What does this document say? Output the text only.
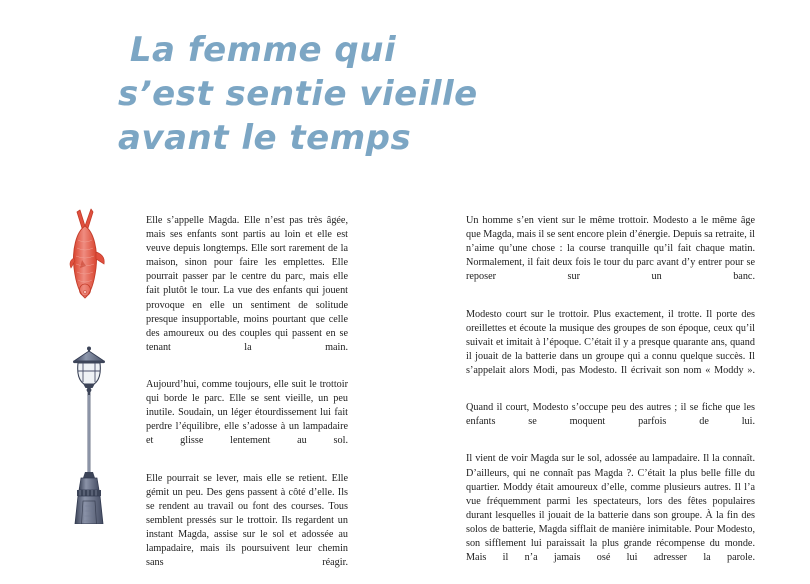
La femme qui
s’est sentie vieille
avant le temps

Elle s’appelle Magda. Elle n’est pas très âgée, mais ses enfants sont partis au loin et elle est veuve depuis longtemps. Elle sort rarement de la maison, sinon pour faire les emplettes. Elle pourrait passer par le centre du parc, mais elle fait plutôt le tour. La vue des enfants qui jouent provoque en elle un sentiment de solitude presque insupportable, moins pourtant que celle des amoureux ou des couples qui passent en se tenant la main.

Aujourd’hui, comme toujours, elle suit le trottoir qui borde le parc. Elle se sent vieille, un peu inutile. Soudain, un léger étourdissement lui fait perdre l’équilibre, elle s’adosse à un lampadaire et glisse lentement au sol.

Elle pourrait se lever, mais elle se retient. Elle gémit un peu. Des gens passent à côté d’elle. Ils se rendent au travail ou font des courses. Tous semblent pressés sur le trottoir. Ils regardent un instant Magda, assise sur le sol et adossée au lampadaire, mais ils poursuivent leur chemin sans réagir.

Un homme s’en vient sur le même trottoir. Modesto a le même âge que Magda, mais il se sent encore plein d’énergie. Depuis sa retraite, il n’aime qu’une chose : la course tranquille qu’il fait chaque matin. Normalement, il fait deux fois le tour du parc avant d’y entrer pour se reposer sur un banc.

Modesto court sur le trottoir. Plus exactement, il trotte. Il porte des oreillettes et écoute la musique des groupes de son époque, ceux qu’il suivait et imitait à l’époque. C’était il y a presque quarante ans, quand il jouait de la batterie dans un groupe qui a connu quelque succès. Il s’appelait alors Modi, pas Modesto. Il écrivait son nom « Moddy ».

Quand il court, Modesto s’occupe peu des autres ; il se fiche que les enfants se moquent parfois de lui.

Il vient de voir Magda sur le sol, adossée au lampadaire. Il la connaît. D’ailleurs, qui ne connaît pas Magda ?. C’était la plus belle fille du quartier. Moddy était amoureux d’elle, comme plusieurs autres. Il l’a vue fréquemment parmi les spectateurs, lors des fêtes populaires durant lesquelles il jouait de la batterie dans son groupe. À la fin des solos de batterie, Magda sifflait de manière inimitable. Pour Modesto, son sifflement lui paraissait la plus grande récompense du monde. Mais il n’a jamais osé lui adresser la parole.
